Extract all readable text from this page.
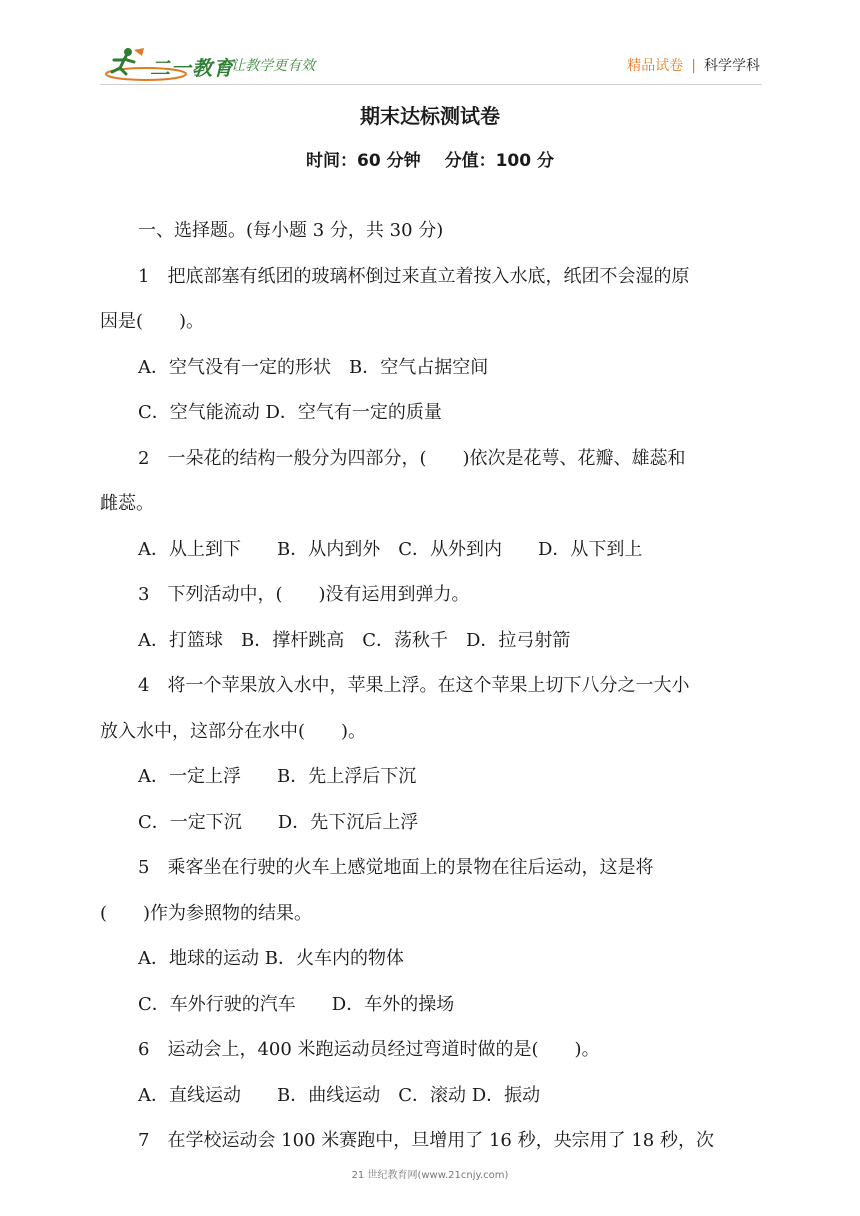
二一教育
/ 让教学更有效	精品试卷 | 科学学科
期末达标测试卷
时间：60 分钟 分值：100 分
一、选择题。(每小题 3 分，共 30 分)
1　把底部塞有纸团的玻璃杯倒过来直立着按入水底，纸团不会湿的原
因是(　　)。
A．空气没有一定的形状　B．空气占据空间
C．空气能流动 D．空气有一定的质量
2　一朵花的结构一般分为四部分，(　　)依次是花萼、花瓣、雄蕊和
雌蕊。
A．从上到下　　B．从内到外　C．从外到内　　D．从下到上
3　下列活动中，(　　)没有运用到弹力。
A．打篮球　B．撑杆跳高　C．荡秋千　D．拉弓射箭
4　将一个苹果放入水中，苹果上浮。在这个苹果上切下八分之一大小
放入水中，这部分在水中(　　)。
A．一定上浮　　B．先上浮后下沉
C．一定下沉　　D．先下沉后上浮
5　乘客坐在行驶的火车上感觉地面上的景物在往后运动，这是将
(　　)作为参照物的结果。
A．地球的运动 B．火车内的物体
C．车外行驶的汽车　　D．车外的操场
6　运动会上，400 米跑运动员经过弯道时做的是(　　)。
A．直线运动　　B．曲线运动　C．滚动 D．振动
7　在学校运动会 100 米赛跑中，旦增用了 16 秒，央宗用了 18 秒，次
21 世纪教育网(www.21cnjy.com)
